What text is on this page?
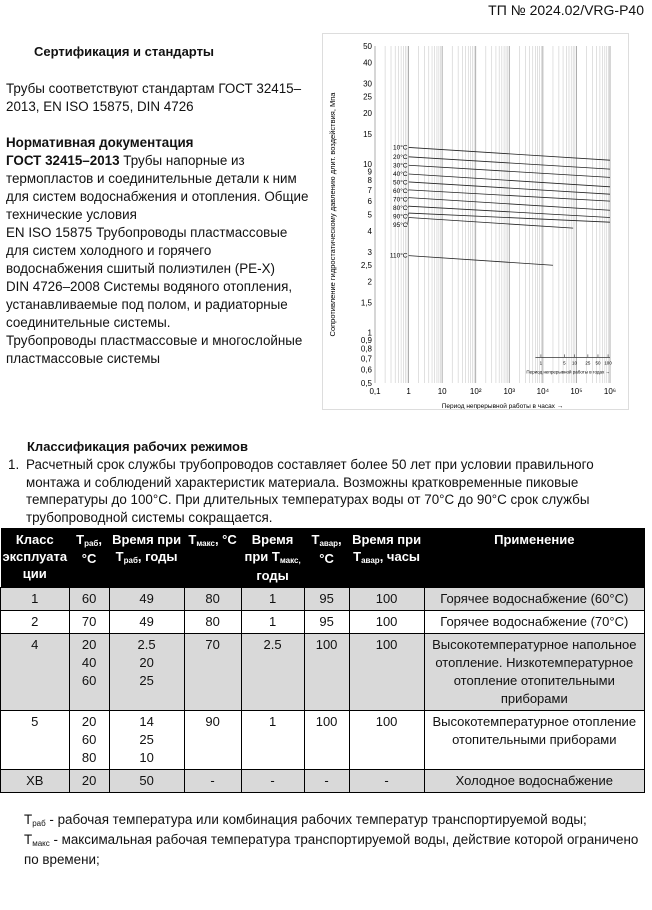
ТП № 2024.02/VRG-P40
Сертификация и стандарты
Трубы соответствуют стандартам ГОСТ 32415–2013, EN ISO 15875, DIN 4726
Нормативная документация
ГОСТ 32415–2013 Трубы напорные из термопластов и соединительные детали к ним для систем водоснабжения и отопления. Общие технические условия
EN ISO 15875 Трубопроводы пластмассовые для систем холодного и горячего водоснабжения сшитый полиэтилен (PE-X)
DIN 4726–2008 Системы водяного отопления, устанавливаемые под полом, и радиаторные соединительные системы.
Трубопроводы пластмассовые и многослойные пластмассовые системы
50
40
30
25
20
15
10
9
8
7
6
5
4
3
2,5
2
1,5
1
0,9
0,8
0,7
0,6
0,5
0,1	1	10	10²	10³	10⁴	10⁵	10⁶
Сопротивление гидростатическому давлению длит. воздействия, Мпа
Период непрерывной работы в часах →
1	5 10 25 50 100
Период непрерывной работы в годах →
10°C
20°C
30°C
40°C
50°C
60°C
70°C
80°C
90°C
95°C
110°C
Классификация рабочих режимов
1. Расчетный срок службы трубопроводов составляет более 50 лет при условии правильного монтажа и соблюдений характеристик материала. Возможны кратковременные пиковые температуры до 100°C. При длительных температурах воды от 70°C до 90°C срок службы трубопроводной системы сокращается.
Класс эксплуата ции	$T_{раб}$, °C	Время при $T_{раб}$, годы	$T_{макс}$, °C	Время при $T_{макс,}$ годы	$T_{авар}$, °C	Время при $T_{авар}$, часы	Применение
1	60	49	80	1	95	100	Горячее водоснабжение (60°C)
2	70	49	80	1	95	100	Горячее водоснабжение (70°C)
4	20
40
60	2.5
20
25	70	2.5	100	100	Высокотемпературное напольное отопление. Низкотемпературное отопление отопительными приборами
5	20
60
80	14
25
10	90	1	100	100	Высокотемпературное отопление отопительными приборами
ХВ	20	50	-	-	-	-	Холодное водоснабжение
$T_{раб}$ - рабочая температура или комбинация рабочих температур транспортируемой воды;
$T_{макс}$ - максимальная рабочая температура транспортируемой воды, действие которой ограничено по времени;
